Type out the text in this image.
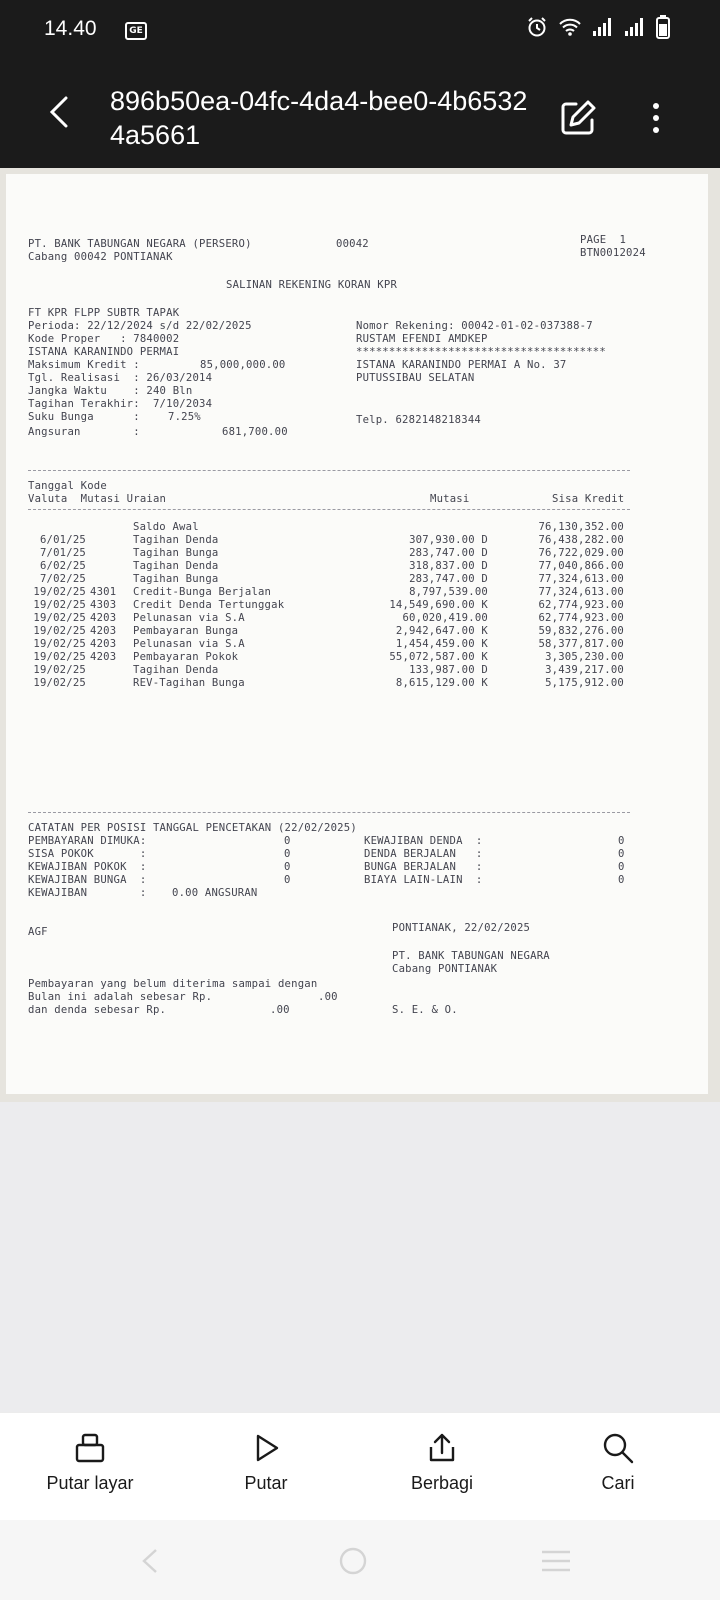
14.40	GE
896b50ea-04fc-4da4-bee0-4b65324a5661
PT. BANK TABUNGAN NEGARA (PERSERO)
Cabang 00042 PONTIANAK
00042	PAGE  1
BTN0012024
SALINAN REKENING KORAN KPR
FT KPR FLPP SUBTR TAPAK
Perioda: 22/12/2024 s/d 22/02/2025
Kode Proper   : 7840002
ISTANA KARANINDO PERMAI
Maksimum Kredit :	85,000,000.00
Tgl. Realisasi  : 26/03/2014
Jangka Waktu    : 240 Bln
Tagihan Terakhir:  7/10/2034
Suku Bunga      :	7.25%
Angsuran        :	681,700.00
Nomor Rekening: 00042-01-02-037388-7
RUSTAM EFENDI AMDKEP
**************************************
ISTANA KARANINDO PERMAI A No. 37
PUTUSSIBAU SELATAN
Telp. 6282148218344
Tanggal Kode
Valuta  Mutasi Uraian	Mutasi	Sisa Kredit
Saldo Awal	76,130,352.00
6/01/25	Tagihan Denda	307,930.00 D	76,438,282.00
7/01/25	Tagihan Bunga	283,747.00 D	76,722,029.00
6/02/25	Tagihan Denda	318,837.00 D	77,040,866.00
7/02/25	Tagihan Bunga	283,747.00 D	77,324,613.00
19/02/25 4301 Credit-Bunga Berjalan	8,797,539.00	77,324,613.00
19/02/25 4303 Credit Denda Tertunggak	14,549,690.00 K	62,774,923.00
19/02/25 4203 Pelunasan via S.A	60,020,419.00	62,774,923.00
19/02/25 4203 Pembayaran Bunga	2,942,647.00 K	59,832,276.00
19/02/25 4203 Pelunasan via S.A	1,454,459.00 K	58,377,817.00
19/02/25 4203 Pembayaran Pokok	55,072,587.00 K	3,305,230.00
19/02/25	Tagihan Denda	133,987.00 D	3,439,217.00
19/02/25	REV-Tagihan Bunga	8,615,129.00 K	5,175,912.00
CATATAN PER POSISI TANGGAL PENCETAKAN (22/02/2025)
PEMBAYARAN DIMUKA:	0
SISA POKOK       :	0
KEWAJIBAN POKOK  :	0
KEWAJIBAN BUNGA  :	0
KEWAJIBAN        : 0.00 ANGSURAN
KEWAJIBAN DENDA  :	0
DENDA BERJALAN   :	0
BUNGA BERJALAN   :	0
BIAYA LAIN-LAIN  :	0
AGF	PONTIANAK, 22/02/2025
PT. BANK TABUNGAN NEGARA
Cabang PONTIANAK
Pembayaran yang belum diterima sampai dengan
Bulan ini adalah sebesar Rp.	.00
dan denda sebesar Rp.	.00	S. E. & O.
Putar layar	Putar	Berbagi	Cari
